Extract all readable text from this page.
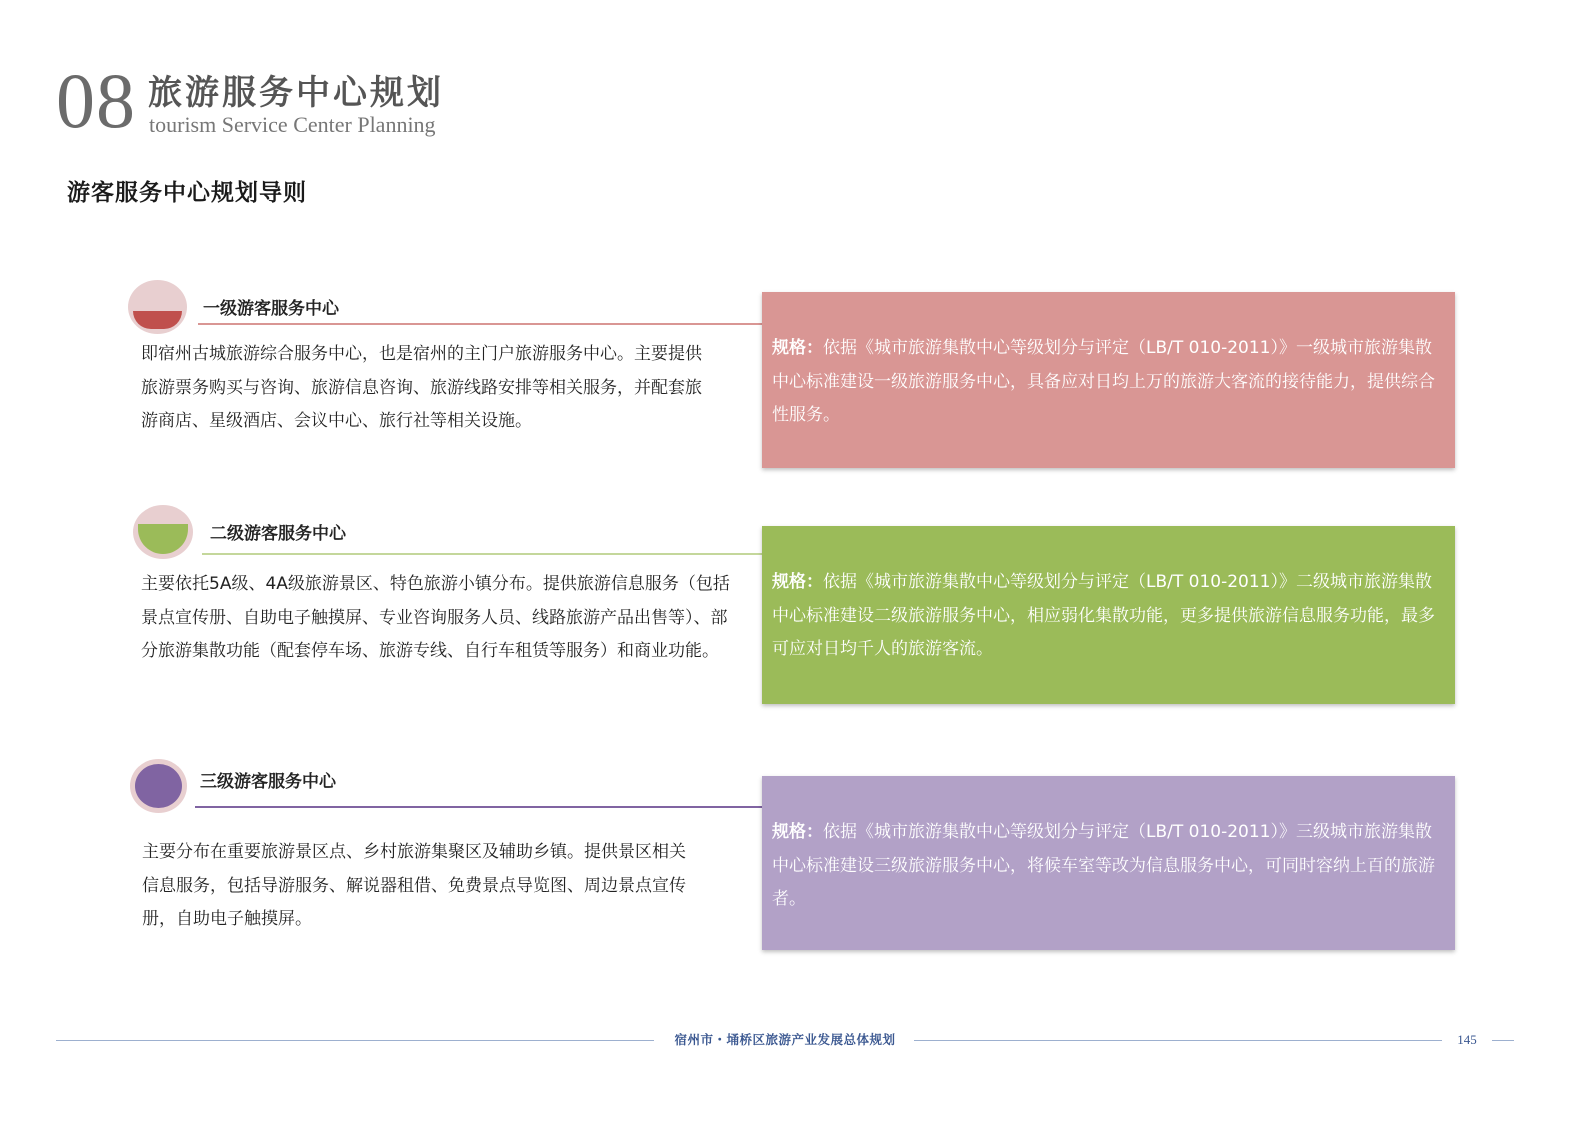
08 旅游服务中心规划
tourism Service Center Planning
游客服务中心规划导则
一级游客服务中心
即宿州古城旅游综合服务中心，也是宿州的主门户旅游服务中心。主要提供旅游票务购买与咨询、旅游信息咨询、旅游线路安排等相关服务，并配套旅游商店、星级酒店、会议中心、旅行社等相关设施。
规格：依据《城市旅游集散中心等级划分与评定（LB/T 010-2011）》一级城市旅游集散中心标准建设一级旅游服务中心，具备应对日均上万的旅游大客流的接待能力，提供综合性服务。
二级游客服务中心
主要依托5A级、4A级旅游景区、特色旅游小镇分布。提供旅游信息服务（包括景点宣传册、自助电子触摸屏、专业咨询服务人员、线路旅游产品出售等）、部分旅游集散功能（配套停车场、旅游专线、自行车租赁等服务）和商业功能。
规格：依据《城市旅游集散中心等级划分与评定（LB/T 010-2011）》二级城市旅游集散中心标准建设二级旅游服务中心，相应弱化集散功能，更多提供旅游信息服务功能，最多可应对日均千人的旅游客流。
三级游客服务中心
主要分布在重要旅游景区点、乡村旅游集聚区及辅助乡镇。提供景区相关信息服务，包括导游服务、解说器租借、免费景点导览图、周边景点宣传册，自助电子触摸屏。
规格：依据《城市旅游集散中心等级划分与评定（LB/T 010-2011）》三级城市旅游集散中心标准建设三级旅游服务中心，将候车室等改为信息服务中心，可同时容纳上百的旅游者。
宿州市・埇桥区旅游产业发展总体规划	145
